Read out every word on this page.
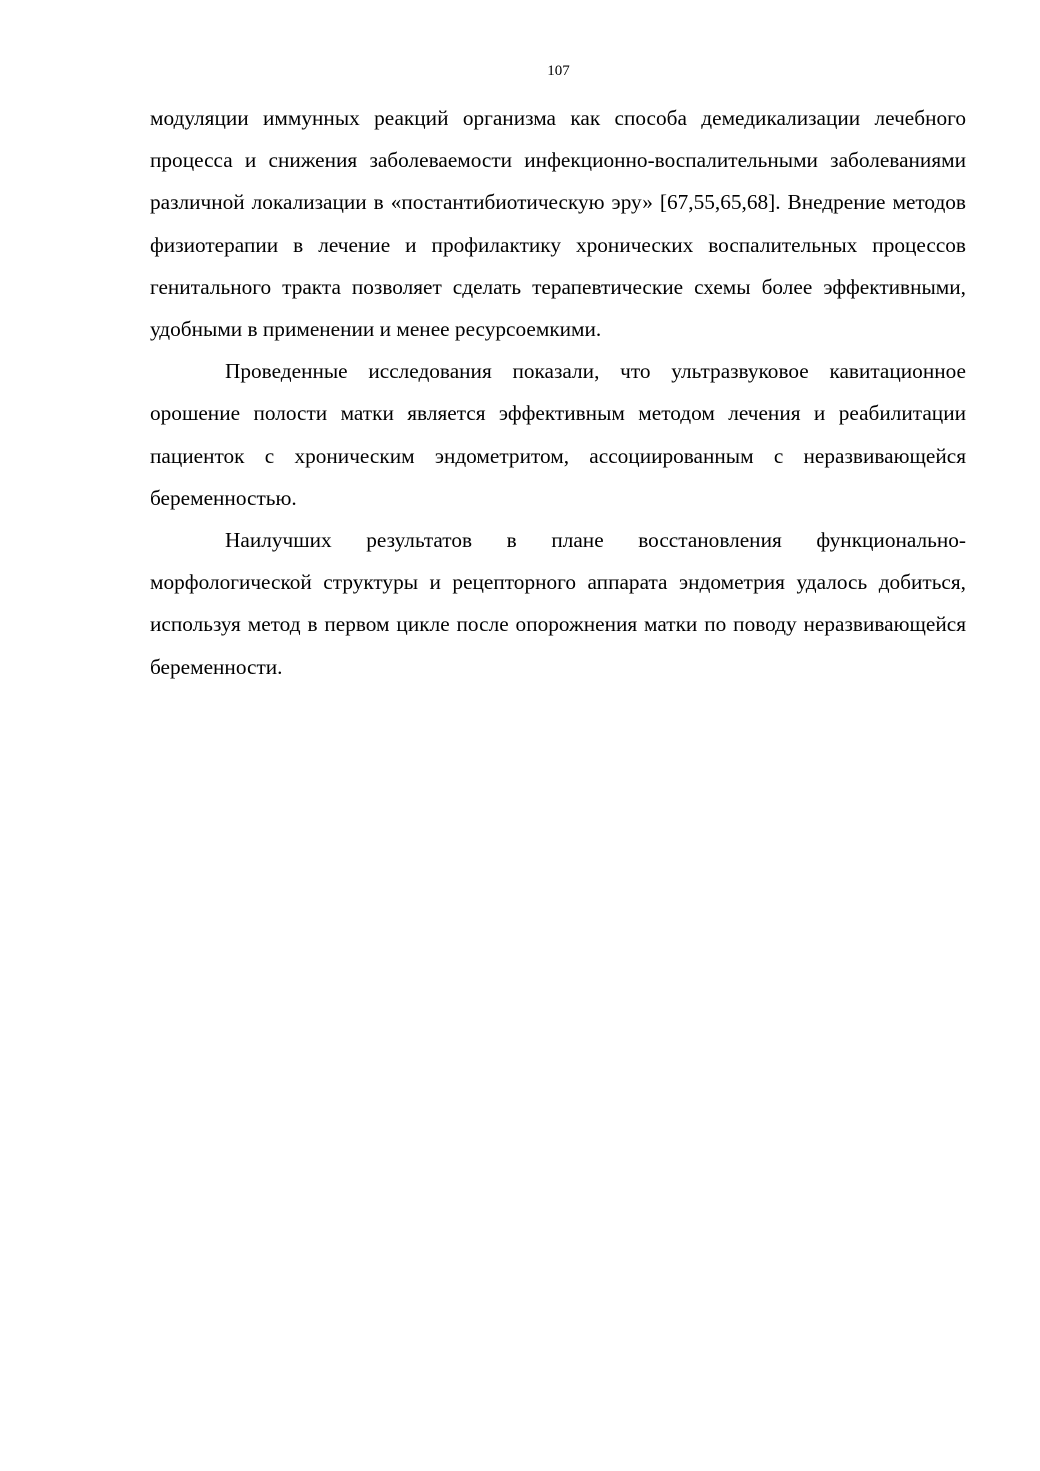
107

модуляции иммунных реакций организма как способа демедикализации лечебного процесса и снижения заболеваемости инфекционно-воспалительными заболеваниями различной локализации в «постантибиотическую эру» [67,55,65,68]. Внедрение методов физиотерапии в лечение и профилактику хронических воспалительных процессов генитального тракта позволяет сделать терапевтические схемы более эффективными, удобными в применении и менее ресурсоемкими.

Проведенные исследования показали, что ультразвуковое кавитационное орошение полости матки является эффективным методом лечения и реабилитации пациенток с хроническим эндометритом, ассоциированным с неразвивающейся беременностью.

Наилучших результатов в плане восстановления функционально-морфологической структуры и рецепторного аппарата эндометрия удалось добиться, используя метод в первом цикле после опорожнения матки по поводу неразвивающейся беременности.
